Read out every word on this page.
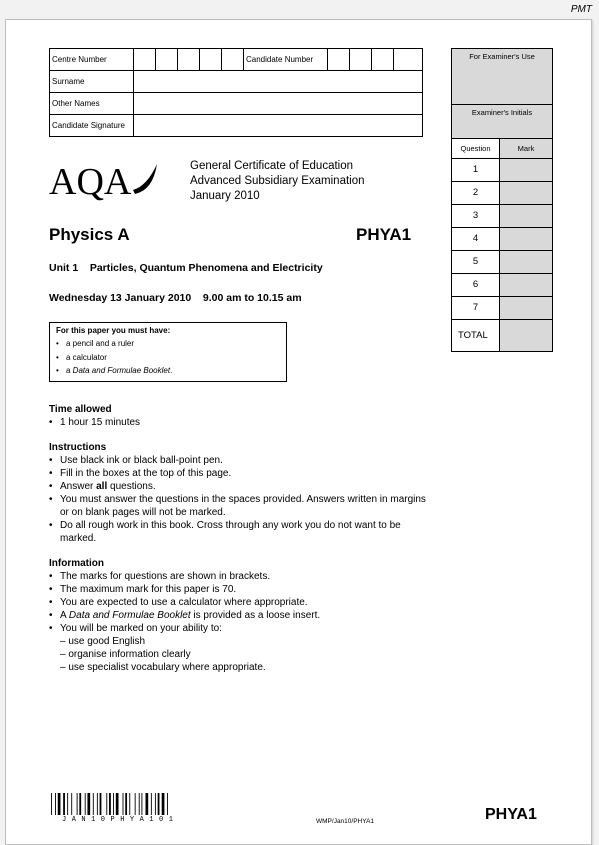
PMT
Centre Number	Candidate Number
Surname
Other Names
Candidate Signature
For Examiner's Use
Examiner's Initials
Question	Mark
1
2
3
4
5
6
7
TOTAL
AQA	General Certificate of Education
Advanced Subsidiary Examination
January 2010
Physics A	PHYA1
Unit 1    Particles, Quantum Phenomena and Electricity
Wednesday 13 January 2010    9.00 am to 10.15 am
For this paper you must have:
• a pencil and a ruler
• a calculator
• a Data and Formulae Booklet.
Time allowed
• 1 hour 15 minutes
Instructions
• Use black ink or black ball-point pen.
• Fill in the boxes at the top of this page.
• Answer all questions.
• You must answer the questions in the spaces provided. Answers written in margins or on blank pages will not be marked.
• Do all rough work in this book. Cross through any work you do not want to be marked.
Information
• The marks for questions are shown in brackets.
• The maximum mark for this paper is 70.
• You are expected to use a calculator where appropriate.
• A Data and Formulae Booklet is provided as a loose insert.
• You will be marked on your ability to:
– use good English
– organise information clearly
– use specialist vocabulary where appropriate.
JAN10PHYA101	WMP/Jan10/PHYA1	PHYA1
